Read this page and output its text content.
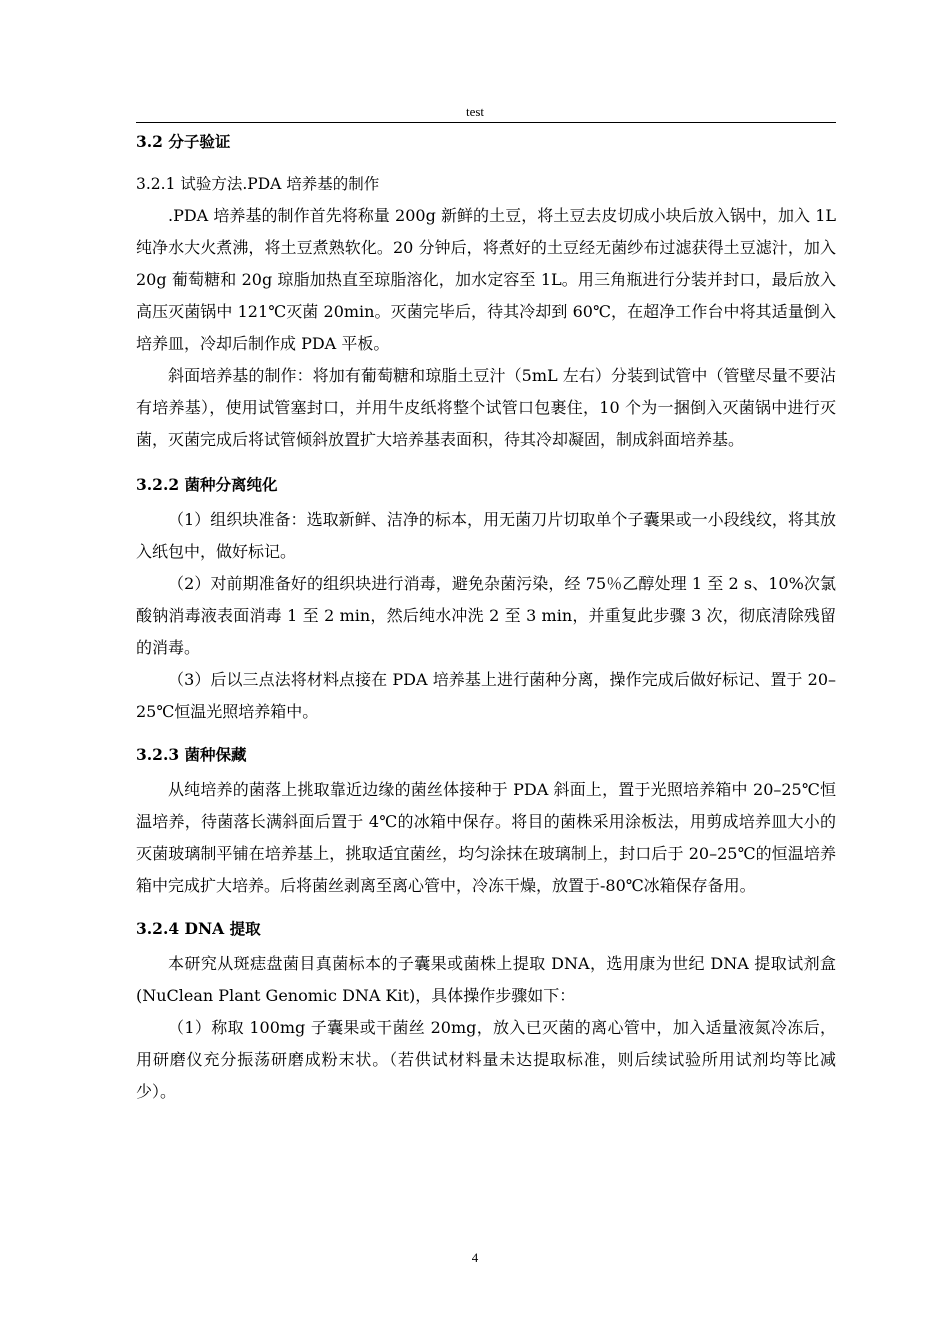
test

3.2 分子验证

3.2.1 试验方法.PDA 培养基的制作

.PDA 培养基的制作首先将称量 200g 新鲜的土豆，将土豆去皮切成小块后放入锅中，加入 1L 纯净水大火煮沸，将土豆煮熟软化。20 分钟后，将煮好的土豆经无菌纱布过滤获得土豆滤汁，加入 20g 葡萄糖和 20g 琼脂加热直至琼脂溶化，加水定容至 1L。用三角瓶进行分装并封口，最后放入高压灭菌锅中 121℃灭菌 20min。灭菌完毕后，待其冷却到 60℃，在超净工作台中将其适量倒入培养皿，冷却后制作成 PDA 平板。

斜面培养基的制作：将加有葡萄糖和琼脂土豆汁（5mL 左右）分装到试管中（管壁尽量不要沾有培养基），使用试管塞封口，并用牛皮纸将整个试管口包裹住，10 个为一捆倒入灭菌锅中进行灭菌，灭菌完成后将试管倾斜放置扩大培养基表面积，待其冷却凝固，制成斜面培养基。

3.2.2 菌种分离纯化

（1）组织块准备：选取新鲜、洁净的标本，用无菌刀片切取单个子囊果或一小段线纹，将其放入纸包中，做好标记。

（2）对前期准备好的组织块进行消毒，避免杂菌污染，经 75％乙醇处理 1 至 2 s、10%次氯酸钠消毒液表面消毒 1 至 2 min，然后纯水冲洗 2 至 3 min，并重复此步骤 3 次，彻底清除残留的消毒。

（3）后以三点法将材料点接在 PDA 培养基上进行菌种分离，操作完成后做好标记、置于 20–25℃恒温光照培养箱中。

3.2.3 菌种保藏

从纯培养的菌落上挑取靠近边缘的菌丝体接种于 PDA 斜面上，置于光照培养箱中 20–25℃恒温培养，待菌落长满斜面后置于 4℃的冰箱中保存。将目的菌株采用涂板法，用剪成培养皿大小的灭菌玻璃制平铺在培养基上，挑取适宜菌丝，均匀涂抹在玻璃制上，封口后于 20–25℃的恒温培养箱中完成扩大培养。后将菌丝剥离至离心管中，冷冻干燥，放置于-80℃冰箱保存备用。

3.2.4 DNA 提取

本研究从斑痣盘菌目真菌标本的子囊果或菌株上提取 DNA，选用康为世纪 DNA 提取试剂盒 (NuClean Plant Genomic DNA Kit)，具体操作步骤如下：

（1）称取 100mg 子囊果或干菌丝 20mg，放入已灭菌的离心管中，加入适量液氮冷冻后，用研磨仪充分振荡研磨成粉末状。（若供试材料量未达提取标准，则后续试验所用试剂均等比减少）。

4
